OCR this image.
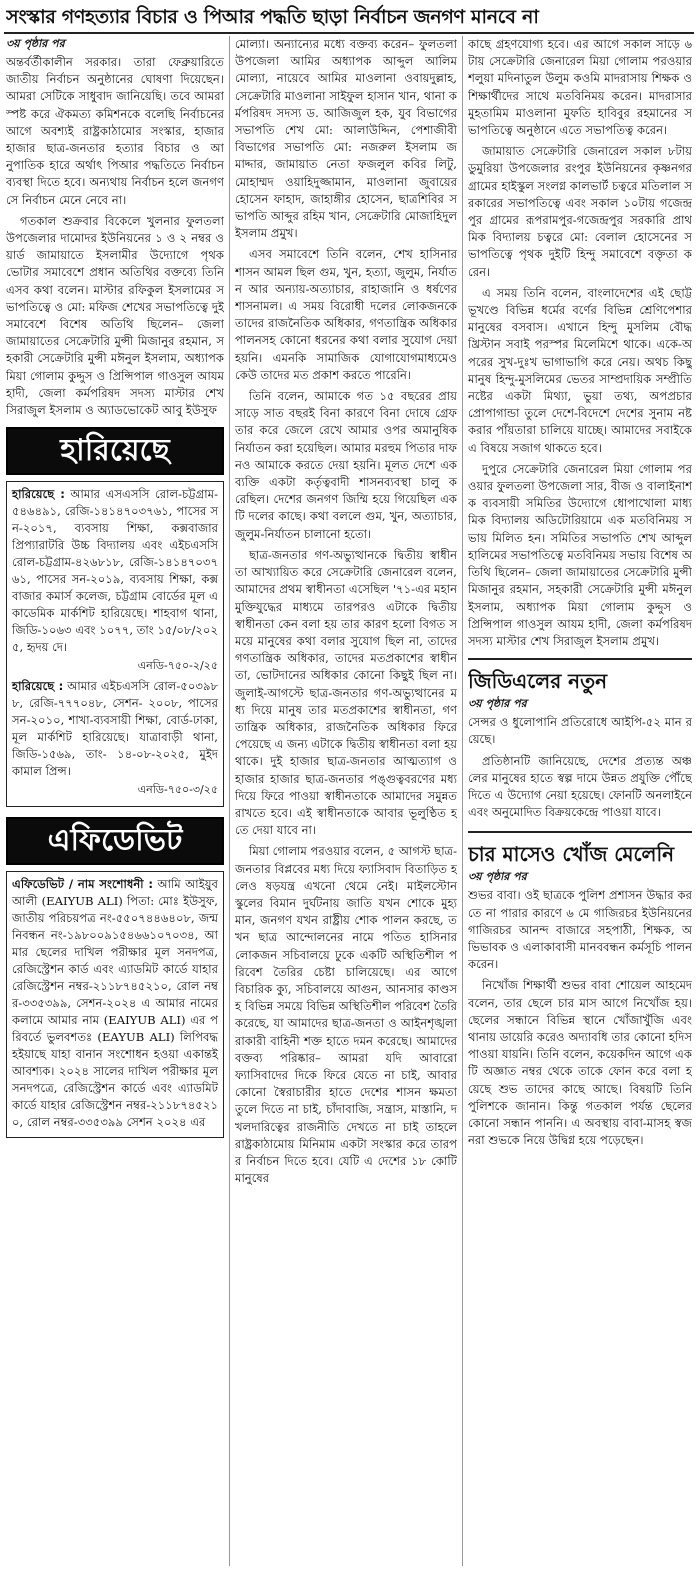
সংস্কার গণহত্যার বিচার ও পিআর পদ্ধতি ছাড়া নির্বাচন জনগণ মানবে না
৩য় পৃষ্ঠার পর

অন্তর্বর্তীকালীন সরকার। তারা ফেব্রুয়ারিতে জাতীয় নির্বাচন অনুষ্ঠানের ঘোষণা দিয়েছেন। আমরা সেটিকে সাধুবাদ জানিয়েছি। তবে আমরা স্পষ্ট করে ঐকমত্য কমিশনকে বলেছি নির্বাচনের আগে অবশ্যই রাষ্ট্রকাঠামোর সংস্কার, হাজার হাজার ছাত্র-জনতার হত্যার বিচার ও আনুপাতিক হারে অর্থাৎ পিআর পদ্ধতিতে নির্বাচনব্যবস্থা দিতে হবে। অন্যথায় নির্বাচন হলে জনগণ সে নির্বাচন মেনে নেবে না।

গতকাল শুক্রবার বিকেলে খুলনার ফুলতলা উপজেলার দামোদর ইউনিয়নের ১ ও ২ নম্বর ওয়ার্ড জামায়াতে ইসলামীর উদ্যোগে পৃথক ভোটার সমাবেশে প্রধান অতিথির বক্তব্যে তিনি এসব কথা বলেন। মাস্টার রফিকুল ইসলামের সভাপতিত্বে ও মো: মফিজ শেখের সভাপতিত্বে দুই সমাবেশে বিশেষ অতিথি ছিলেন– জেলা জামায়াতের সেক্রেটারি মুন্সী মিজানুর রহমান, সহকারী সেক্রেটারি মুন্সী মঈনুল ইসলাম, অধ্যাপক মিয়া গোলাম কুদ্দুস ও প্রিন্সিপাল গাওসুল আযম হাদী, জেলা কর্মপরিষদ সদস্য মাস্টার শেখ সিরাজুল ইসলাম ও অ্যাডভোকেট আবু ইউসুফ

হারিয়েছে

হারিয়েছে : আমার এসএসসি রোল-চট্টগ্রাম-৫৪৬৪৯১, রেজি-১৪১৪৭০৩৭৬১, পাসের সন-২০১৭, ব্যবসায় শিক্ষা, কক্সবাজার প্রিপ্যারাটরি উচ্চ বিদ্যালয় এবং এইচএসসি রোল-চট্টগ্রাম-৪২৬৮১৮, রেজি-১৪১৪৭০৩৭৬১, পাসের সন-২০১৯, ব্যবসায় শিক্ষা, কক্সবাজার কমার্স কলেজ, চট্টগ্রাম বোর্ডের মূল একাডেমিক মার্কশিট হারিয়েছে। শাহবাগ থানা, জিডি-১০৬৩ এবং ১০৭৭, তাং ১৫/০৮/২০২৫, হৃদয় দে।

এনডি-৭৫০-২/২৫

হারিয়েছে : আমার এইচএসসি রোল-৫০৩৯৮৮, রেজি-৭৭৭০৪৮, সেশন- ২০০৮, পাসের সন-২০১০, শাখা-ব্যবসায়ী শিক্ষা, বোর্ড-ঢাকা, মূল মার্কশিট হারিয়েছে। যাত্রাবাড়ী থানা, জিডি-১৫৬৯, তাং- ১৪-০৮-২০২৫, মুইদ কামাল প্রিন্স।

এনডি-৭৫০-৩/২৫
এফিডেভিট

এফিডেভিট / নাম সংশোধনী : আমি আইয়ুব আলী (EAIYUB ALI) পিতা: মোঃ ইউসুফ, জাতীয় পরিচয়পত্র নং-৫৫০৭৪৪৬৪০৮, জন্মনিবন্ধন নং-১৯৮০০৯১৫৪৬৬১০৭০৩৪, আমার ছেলের দাখিল পরীক্ষার মূল সনদপত্র, রেজিস্ট্রেশন কার্ড এবং এ্যাডমিট কার্ডে যাহার রেজিস্ট্রেশন নম্বর-২১১৮৭৪৫২১০, রোল নম্বর-৩৩৫৩৯৯, সেশন-২০২৪ এ আমার নামের কলামে আমার নাম (EAIYUB ALI) এর পরিবর্তে ভুলবশতঃ (EAYUB ALI) লিপিবদ্ধ হইয়াছে যাহা বানান সংশোধন হওয়া একান্তই আবশ্যক। ২০২৪ সালের দাখিল পরীক্ষার মূল সনদপত্রে, রেজিস্ট্রেশন কার্ডে এবং এ্যাডমিট কার্ডে যাহার রেজিস্ট্রেশন নম্বর-২১১৮৭৪৫২১০, রোল নম্বর-৩৩৫৩৯৯ সেশন ২০২৪ এর

মোল্যা। অন্যান্যের মধ্যে বক্তব্য করেন– ফুলতলা উপজেলা আমির অধ্যাপক আব্দুল আলিম মোল্যা, নায়েবে আমির মাওলানা ওবায়দুল্লাহ, সেক্রেটারি মাওলানা সাইফুল হাসান খান, থানা কর্মপরিষদ সদস্য ড. আজিজুল হক, যুব বিভাগের সভাপতি শেখ মো: আলাউদ্দিন, পেশাজীবী বিভাগের সভাপতি মো: নজরুল ইসলাম জমাদ্দার, জামায়াত নেতা ফজলুল কবির লিটু, মোহাম্মদ ওয়াহিদুজ্জামান, মাওলানা জুবায়ের হোসেন ফাহাদ, জাহাঙ্গীর হোসেন, ছাত্রশিবির সভাপতি আব্দুর রহিম খান, সেক্রেটারি মোজাহিদুল ইসলাম প্রমুখ।

এসব সমাবেশে তিনি বলেন, শেখ হাসিনার শাসন আমল ছিল গুম, খুন, হত্যা, জুলুম, নির্যাতন আর অন্যায়-অত্যাচার, রাহাজানি ও ধর্ষণের শাসনামল। এ সময় বিরোধী দলের লোকজনকে তাদের রাজনৈতিক অধিকার, গণতান্ত্রিক অধিকার পালনসহ কোনো ধরনের কথা বলার সুযোগ দেয়া হয়নি। এমনকি সামাজিক যোগাযোগমাধ্যমেও কেউ তাদের মত প্রকাশ করতে পারেনি।

তিনি বলেন, আমাকে গত ১৫ বছরের প্রায় সাড়ে সাত বছরই বিনা কারণে বিনা দোষে গ্রেফতার করে জেলে রেখে আমার ওপর অমানুষিক নির্যাতন করা হয়েছিল। আমার মরহুম পিতার দাফনও আমাকে করতে দেয়া হয়নি। মূলত দেশে এক ব্যক্তি একটা কর্তৃত্ববাদী শাসনব্যবস্থা চালু করেছিল। দেশের জনগণ জিম্মি হয়ে গিয়েছিল একটি দলের কাছে। কথা বললে গুম, খুন, অত্যাচার, জুলুম-নির্যাতন চালানো হতো।

ছাত্র-জনতার গণ-অভ্যুত্থানকে দ্বিতীয় স্বাধীনতা আখ্যায়িত করে সেক্রেটারি জেনারেল বলেন, আমাদের প্রথম স্বাধীনতা এসেছিল '৭১-এর মহান মুক্তিযুদ্ধের মাধ্যমে তারপরও এটাকে দ্বিতীয় স্বাধীনতা কেন বলা হয় তার কারণ হলো বিগত সময়ে মানুষের কথা বলার সুযোগ ছিল না, তাদের গণতান্ত্রিক অধিকার, তাদের মতপ্রকাশের স্বাধীনতা, ভোটদানের অধিকার কোনো কিছুই ছিল না। জুলাই-আগস্টে ছাত্র-জনতার গণ-অভ্যুত্থানের মধ্য দিয়ে মানুষ তার মতপ্রকাশের স্বাধীনতা, গণতান্ত্রিক অধিকার, রাজনৈতিক অধিকার ফিরে পেয়েছে এ জন্য এটাকে দ্বিতীয় স্বাধীনতা বলা হয় থাকে। দুই হাজার ছাত্র-জনতার আত্মত্যাগ ও হাজার হাজার ছাত্র-জনতার পঙ্গুত্ববরণের মধ্য দিয়ে ফিরে পাওয়া স্বাধীনতাকে আমাদের সমুন্নত রাখতে হবে। এই স্বাধীনতাকে আবার ভূলুণ্ঠিত হতে দেয়া যাবে না।

মিয়া গোলাম পরওয়ার বলেন, ৫ আগস্ট ছাত্র-জনতার বিপ্লবের মধ্য দিয়ে ফ্যাসিবাদ বিতাড়িত হলেও ষড়যন্ত্র এখনো থেমে নেই। মাইলস্টোন স্কুলের বিমান দুর্ঘটনায় জাতি যখন শোকে মুহ্যমান, জনগণ যখন রাষ্ট্রীয় শোক পালন করছে, তখন ছাত্র আন্দোলনের নামে পতিত হাসিনার লোকজন সচিবালয়ে ঢুকে একটি অস্থিতিশীল পরিবেশ তৈরির চেষ্টা চালিয়েছে। এর আগে বিচারিক ক্যু, সচিবালয়ে আগুন, আনসার কাণ্ডসহ বিভিন্ন সময়ে বিভিন্ন অস্থিতিশীল পরিবেশ তৈরি করেছে, যা আমাদের ছাত্র-জনতা ও আইনশৃঙ্খলা রাকারী বাহিনী শক্ত হাতে দমন করেছে। আমাদের বক্তব্য পরিষ্কার– আমরা যদি আবারো ফ্যাসিবাদের দিকে ফিরে যেতে না চাই, আবার কোনো স্বৈরাচারীর হাতে দেশের শাসন ক্ষমতা তুলে দিতে না চাই, চাঁদাবাজি, সন্ত্রাস, মাস্তানি, দখলদারিত্বের রাজনীতি দেখতে না চাই তাহলে রাষ্ট্রকাঠামোয় মিনিমাম একটা সংস্কার করে তারপর নির্বাচন দিতে হবে। যেটি এ দেশের ১৮ কোটি মানুষের

কাছে গ্রহণযোগ্য হবে। এর আগে সকাল সাড়ে ৬টায় সেক্রেটারি জেনারেল মিয়া গোলাম পরওয়ার শলুয়া মদিনাতুল উলুম কওমি মাদরাসায় শিক্ষক ও শিক্ষার্থীদের সাথে মতবিনিময় করেন। মাদরাসার মুহতামিম মাওলানা মুফতি হাবিবুর রহমানের সভাপতিত্বে অনুষ্ঠানে এতে সভাপতিত্ব করেন।

জামায়াত সেক্রেটারি জেনারেল সকাল ৮টায় ডুমুরিয়া উপজেলার রংপুর ইউনিয়নের কৃষ্ণনগর গ্রামের হাইস্কুল সংলগ্ন কালভার্ট চত্বরে মতিলাল সরকারের সভাপতিত্বে এবং সকাল ১০টায় গজেন্দ্রপুর গ্রামের রূপরামপুর-গজেন্দ্রপুর সরকারি প্রাথমিক বিদ্যালয় চত্বরে মো: বেলাল হোসেনের সভাপতিত্বে পৃথক দুইটি হিন্দু সমাবেশে বক্তৃতা করেন।

এ সময় তিনি বলেন, বাংলাদেশের এই ছোট্ট ভূখণ্ডে বিভিন্ন ধর্মের বর্ণের বিভিন্ন শ্রেণিপেশার মানুষের বসবাস। এখানে হিন্দু মুসলিম বৌদ্ধ খ্রিস্টান সবাই পরস্পর মিলেমিশে থাকে। একে-অপরের সুখ-দুঃখ ভাগাভাগি করে নেয়। অথচ কিছু মানুষ হিন্দু-মুসলিমের ভেতর সাম্প্রদায়িক সম্প্রীতি নষ্টের একটা মিথ্যা, ভুয়া তথ্য, অপপ্রচার প্রোপাগান্ডা তুলে দেশে-বিদেশে দেশের সুনাম নষ্ট করার পাঁয়তারা চালিয়ে যাচ্ছে। আমাদের সবাইকে এ বিষয়ে সজাগ থাকতে হবে।

দুপুরে সেক্রেটারি জেনারেল মিয়া গোলাম পরওয়ার ফুলতলা উপজেলা সার, বীজ ও বালাইনাশক ব্যবসায়ী সমিতির উদ্যোগে ধোপাখোলা মাধ্যমিক বিদ্যালয় অডিটোরিয়ামে এক মতবিনিময় সভায় মিলিত হন। সমিতির সভাপতি শেখ আব্দুল হালিমের সভাপতিত্বে মতবিনিময় সভায় বিশেষ অতিথি ছিলেন– জেলা জামায়াতের সেক্রেটারি মুন্সী মিজানুর রহমান, সহকারী সেক্রেটারি মুন্সী মঈনুল ইসলাম, অধ্যাপক মিয়া গোলাম কুদ্দুস ও প্রিন্সিপাল গাওসুল আযম হাদী, জেলা কর্মপরিষদ সদস্য মাস্টার শেখ সিরাজুল ইসলাম প্রমুখ।

জিডিএলের নতুন
৩য় পৃষ্ঠার পর

সেন্সর ও ধুলোপানি প্রতিরোধে আইপি-৫২ মান রয়েছে।

প্রতিষ্ঠানটি জানিয়েছে, দেশের প্রত্যন্ত অঞ্চলের মানুষের হাতে স্বল্প দামে উন্নত প্রযুক্তি পৌঁছে দিতে এ উদ্যোগ নেয়া হয়েছে। ফোনটি অনলাইনে এবং অনুমোদিত বিক্রয়কেন্দ্রে পাওয়া যাবে।

চার মাসেও খোঁজ মেলেনি
৩য় পৃষ্ঠার পর

শুভর বাবা। ওই ছাত্রকে পুলিশ প্রশাসন উদ্ধার করতে না পারার কারণে ৬ মে গাজিরচর ইউনিয়নের গাজিরচর আনন্দ বাজারে সহপাঠী, শিক্ষক, অভিভাবক ও এলাকাবাসী মানববন্ধন কর্মসূচি পালন করেন।

নিখোঁজ শিক্ষার্থী শুভর বাবা শোয়েল আহমেদ বলেন, তার ছেলে চার মাস আগে নিখোঁজ হয়। ছেলের সন্ধানে বিভিন্ন স্থানে খোঁজাখুঁজি এবং থানায় ডায়েরি করেও অদ্যাবধি তার কোনো হদিস পাওয়া যায়নি। তিনি বলেন, কয়েকদিন আগে একটি অজ্ঞাত নম্বর থেকে তাকে ফোন করে বলা হয়েছে শুভ তাদের কাছে আছে। বিষয়টি তিনি পুলিশকে জানান। কিন্তু গতকাল পর্যন্ত ছেলের কোনো সন্ধান পাননি। এ অবস্থায় বাবা-মাসহ স্বজনরা শুভকে নিয়ে উদ্বিগ্ন হয়ে পড়েছেন।
